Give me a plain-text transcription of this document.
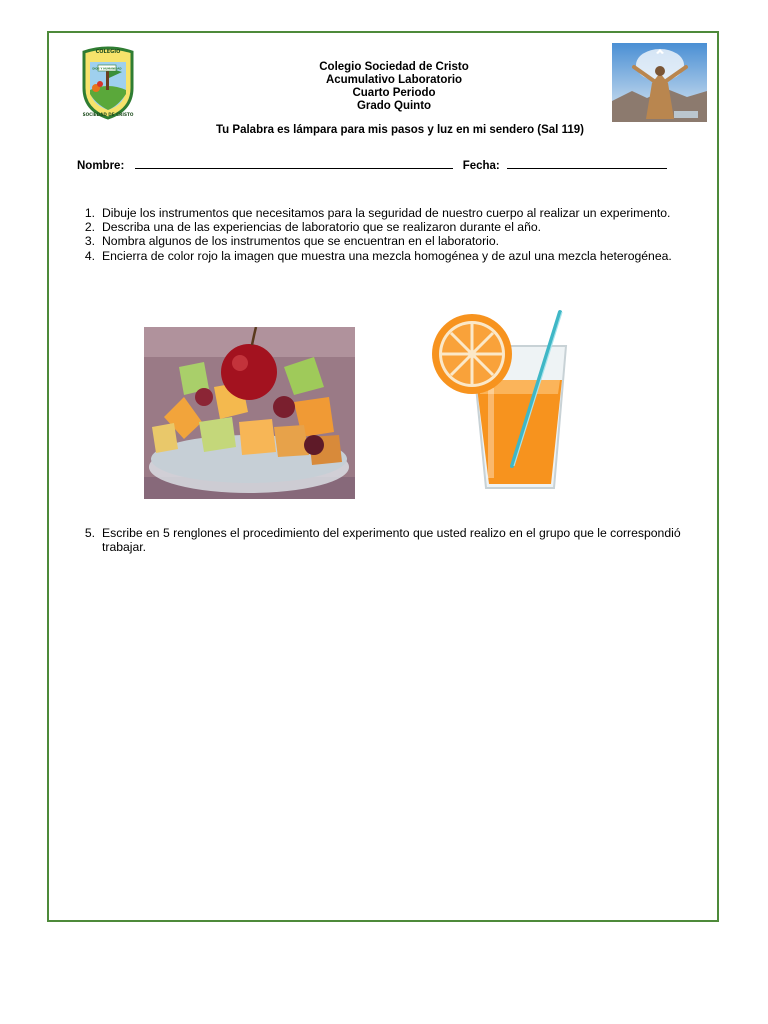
COLEGIO
DIOS Y HUMANIDAD
SOCIEDAD DE CRISTO
Colegio Sociedad de Cristo
Acumulativo Laboratorio
Cuarto Periodo
Grado Quinto
Tu Palabra es lámpara para mis pasos y luz en mi sendero (Sal 119)
Nombre:	Fecha:
1. Dibuje los instrumentos que necesitamos para la seguridad de nuestro cuerpo al realizar un experimento.
2. Describa una de las experiencias de laboratorio que se realizaron durante el año.
3. Nombra algunos de los instrumentos que se encuentran en el laboratorio.
4. Encierra de color rojo la imagen que muestra una mezcla homogénea y de azul una mezcla heterogénea.
5. Escribe en 5 renglones el procedimiento del experimento que usted realizo en el grupo que le correspondió trabajar.
